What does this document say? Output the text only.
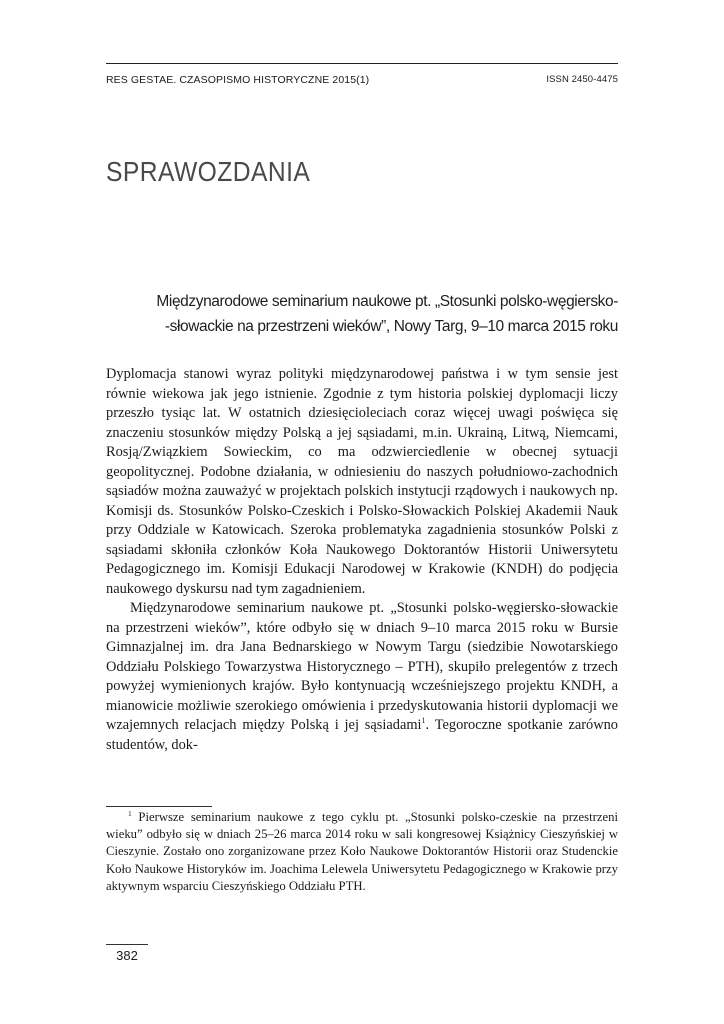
RES GESTAE. CZASOPISMO HISTORYCZNE 2015(1)	ISSN 2450-4475
SPRAWOZDANIA
Międzynarodowe seminarium naukowe pt. „Stosunki polsko-węgiersko-
-słowackie na przestrzeni wieków”, Nowy Targ, 9–10 marca 2015 roku

Dyplomacja stanowi wyraz polityki międzynarodowej państwa i w tym sensie jest równie wiekowa jak jego istnienie. Zgodnie z tym historia polskiej dyplomacji liczy przeszło tysiąc lat. W ostatnich dziesięcioleciach coraz więcej uwagi poświęca się znaczeniu stosunków między Polską a jej sąsiadami, m.in. Ukrainą, Litwą, Niemcami, Rosją/Związkiem Sowieckim, co ma odzwierciedlenie w obecnej sytuacji geopolitycznej. Podobne działania, w odniesieniu do naszych południowo-zachodnich sąsiadów można zauważyć w projektach polskich instytucji rządowych i naukowych np. Komisji ds. Stosunków Polsko-Czeskich i Polsko-Słowackich Polskiej Akademii Nauk przy Oddziale w Katowicach. Szeroka problematyka zagadnienia stosunków Polski z sąsiadami skłoniła członków Koła Naukowego Doktorantów Historii Uniwersytetu Pedagogicznego im. Komisji Edukacji Narodowej w Krakowie (KNDH) do podjęcia naukowego dyskursu nad tym zagadnieniem.

Międzynarodowe seminarium naukowe pt. „Stosunki polsko-węgiersko-słowackie na przestrzeni wieków”, które odbyło się w dniach 9–10 marca 2015 roku w Bursie Gimnazjalnej im. dra Jana Bednarskiego w Nowym Targu (siedzibie Nowotarskiego Oddziału Polskiego Towarzystwa Historycznego – PTH), skupiło prelegentów z trzech powyżej wymienionych krajów. Było kontynuacją wcześniejszego projektu KNDH, a mianowicie możliwie szerokiego omówienia i przedyskutowania historii dyplomacji we wzajemnych relacjach między Polską i jej sąsiadami$^1$. Tegoroczne spotkanie zarówno studentów, dok-

$^1$ Pierwsze seminarium naukowe z tego cyklu pt. „Stosunki polsko-czeskie na przestrzeni wieku” odbyło się w dniach 25–26 marca 2014 roku w sali kongresowej Książnicy Cieszyńskiej w Cieszynie. Zostało ono zorganizowane przez Koło Naukowe Doktorantów Historii oraz Studenckie Koło Naukowe Historyków im. Joachima Lelewela Uniwersytetu Pedagogicznego w Krakowie przy aktywnym wsparciu Cieszyńskiego Oddziału PTH.

382
